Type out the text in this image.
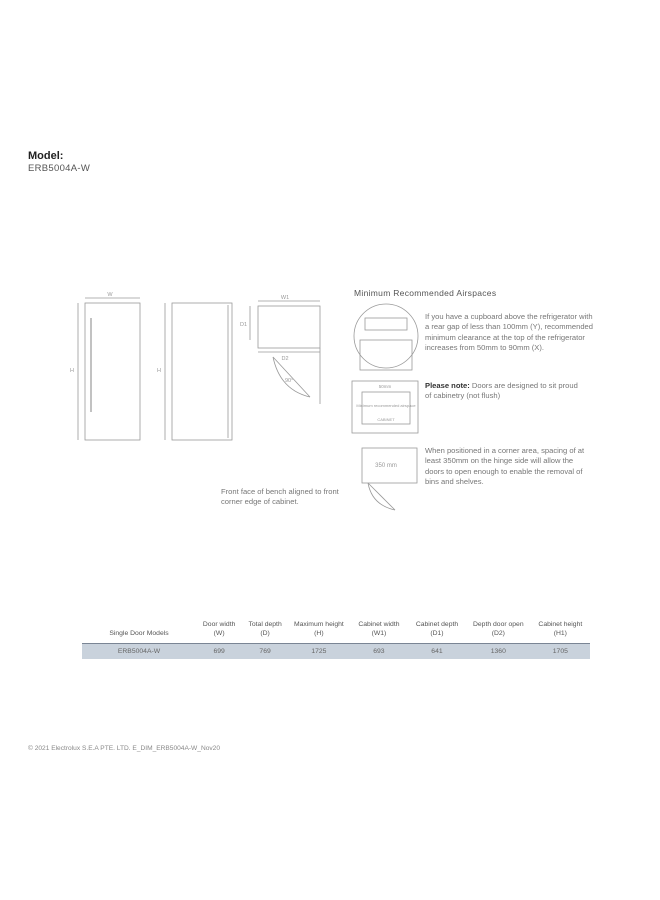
Model:
ERB5004A-W
W
H	H
W1
D1
D2
90°
50mm
Minimum recommended airspace
CABINET
350 mm
Minimum Recommended Airspaces
If you have a cupboard above the refrigerator with a rear gap of less than 100mm (Y), recommended minimum clearance at the top of the refrigerator increases from 50mm to 90mm (X).
Please note: Doors are designed to sit proud of cabinetry (not flush)
When positioned in a corner area, spacing of at least 350mm on the hinge side will allow the doors to open enough to enable the removal of bins and shelves.
Front face of bench aligned to front corner edge of cabinet.
Single Door Models	Door width (W)	Total depth (D)	Maximum height (H)	Cabinet width (W1)	Cabinet depth (D1)	Depth door open (D2)	Cabinet height (H1)
ERB5004A-W	699	769	1725	693	641	1360	1705
© 2021 Electrolux S.E.A PTE. LTD. E_DIM_ERB5004A-W_Nov20
